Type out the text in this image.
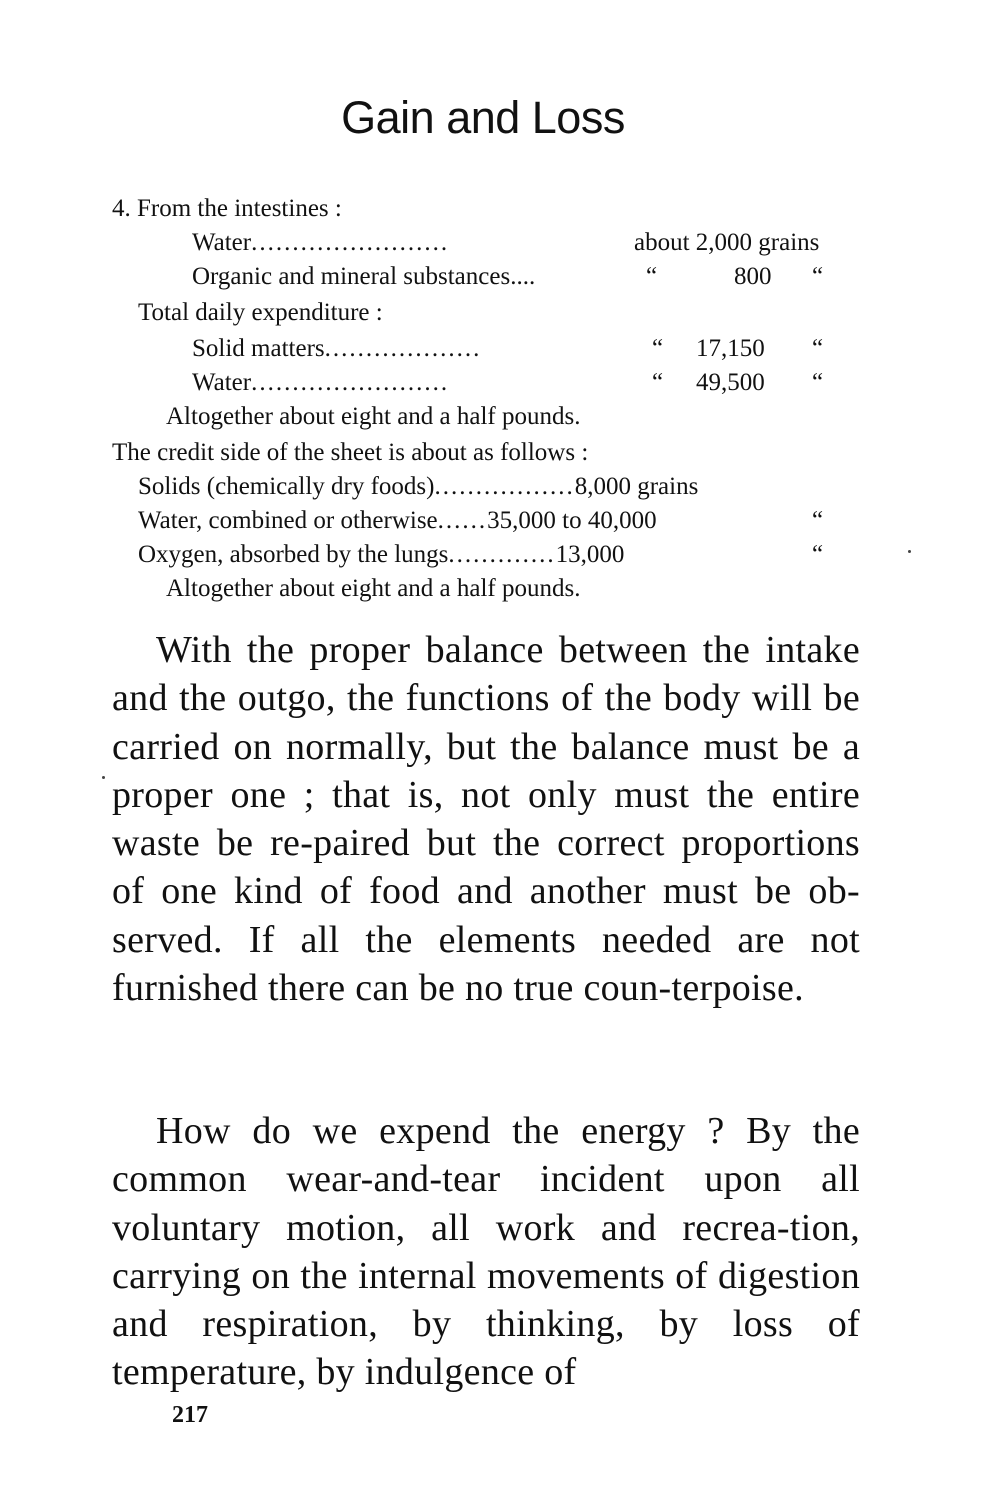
Gain and Loss
4. From the intestines :
Water........................	about 2,000 grains
Organic and mineral substances....	“	800 “
Total daily expenditure :
Solid matters...................	“ 17,150 “
Water........................	“ 49,500 “
Altogether about eight and a half pounds.
The credit side of the sheet is about as follows :
Solids (chemically dry foods).................8,000 grains
Water, combined or otherwise......35,000 to 40,000	“
Oxygen, absorbed by the lungs.............13,000	“
Altogether about eight and a half pounds.
With the proper balance between the intake and the outgo, the functions of the body will be carried on normally, but the balance must be a proper one ; that is, not only must the entire waste be re-paired but the correct proportions of one kind of food and another must be ob-served. If all the elements needed are not furnished there can be no true coun-terpoise.
How do we expend the energy ? By the common wear-and-tear incident upon all voluntary motion, all work and recrea-tion, carrying on the internal movements of digestion and respiration, by thinking, by loss of temperature, by indulgence of
217
